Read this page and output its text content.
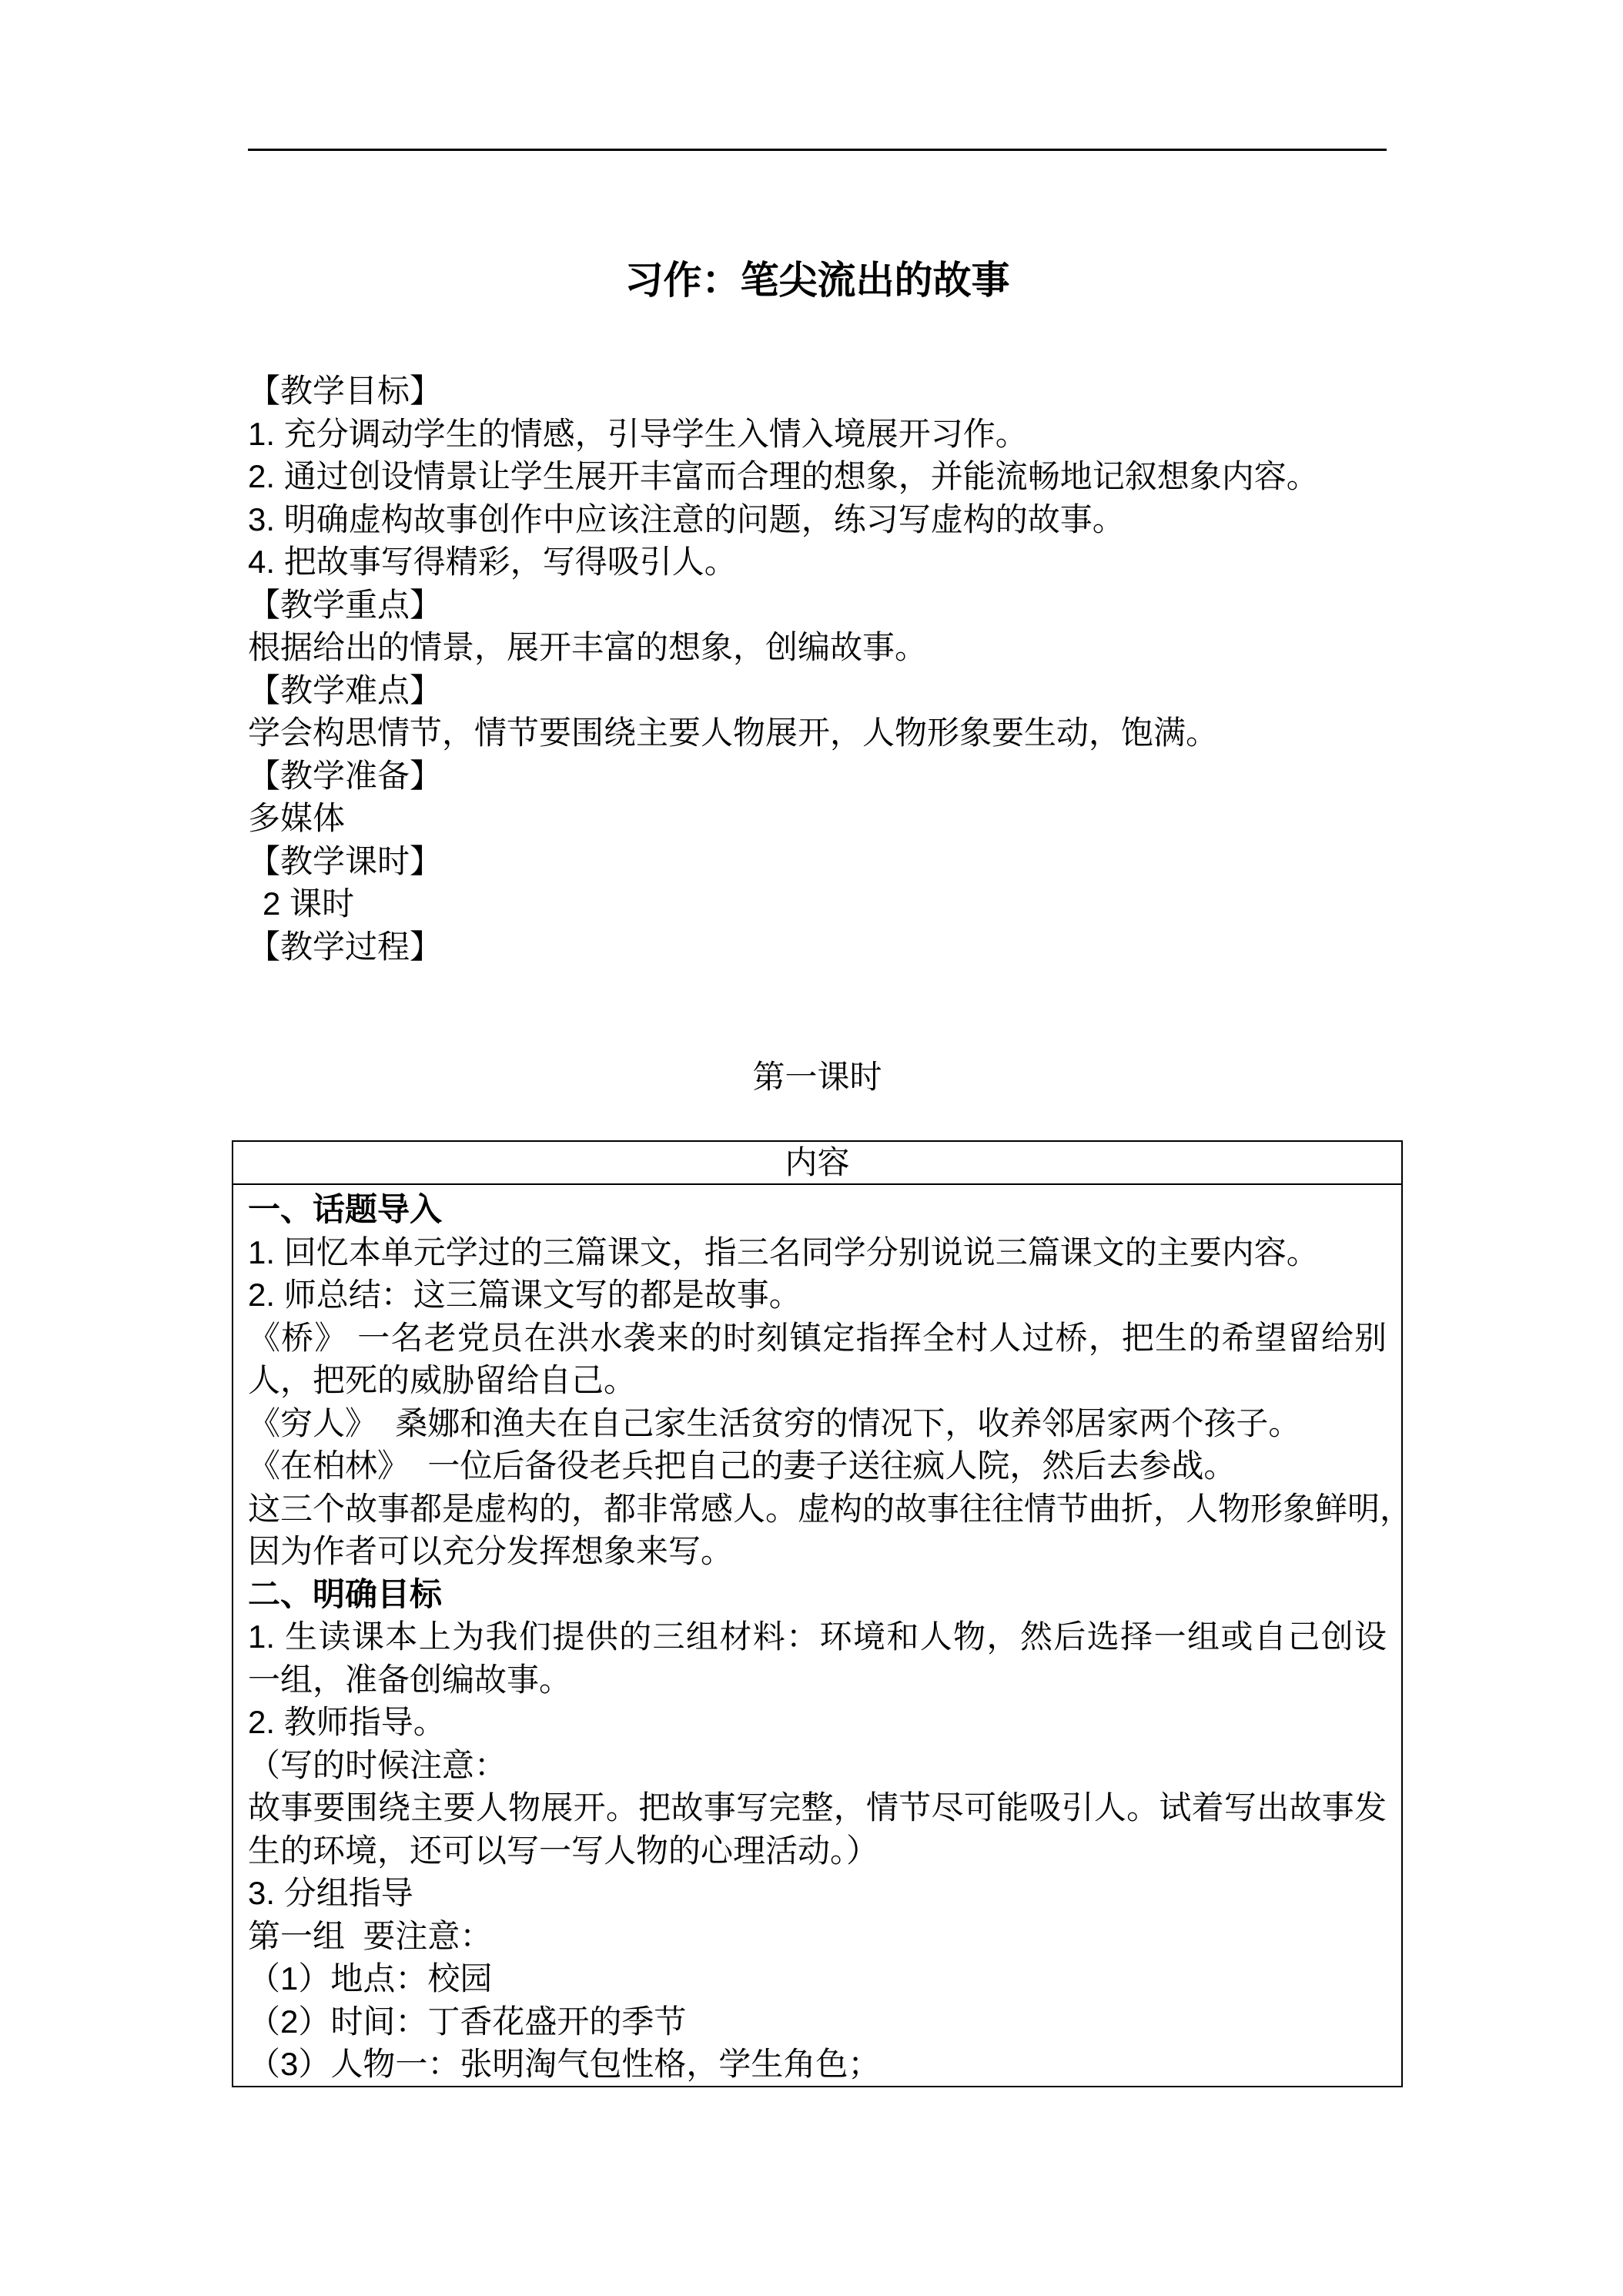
习作：笔尖流出的故事
【教学目标】
1. 充分调动学生的情感，引导学生入情入境展开习作。
2. 通过创设情景让学生展开丰富而合理的想象，并能流畅地记叙想象内容。
3. 明确虚构故事创作中应该注意的问题，练习写虚构的故事。
4. 把故事写得精彩，写得吸引人。
【教学重点】
根据给出的情景，展开丰富的想象，创编故事。
【教学难点】
学会构思情节，情节要围绕主要人物展开，人物形象要生动，饱满。
【教学准备】
多媒体
【教学课时】
2 课时
【教学过程】
第一课时
内容
一、话题导入
1. 回忆本单元学过的三篇课文，指三名同学分别说说三篇课文的主要内容。
2. 师总结：这三篇课文写的都是故事。
《桥》 一名老党员在洪水袭来的时刻镇定指挥全村人过桥，把生的希望留给别
人，把死的威胁留给自己。
《穷人》  桑娜和渔夫在自己家生活贫穷的情况下，收养邻居家两个孩子。
《在柏林》  一位后备役老兵把自己的妻子送往疯人院，然后去参战。
这三个故事都是虚构的，都非常感人。虚构的故事往往情节曲折，人物形象鲜明，
因为作者可以充分发挥想象来写。
二、明确目标
1. 生读课本上为我们提供的三组材料：环境和人物，然后选择一组或自己创设
一组，准备创编故事。
2. 教师指导。
（写的时候注意：
故事要围绕主要人物展开。把故事写完整，情节尽可能吸引人。试着写出故事发
生的环境，还可以写一写人物的心理活动。）
3. 分组指导
第一组  要注意：
（1）地点：校园
（2）时间：丁香花盛开的季节
（3）人物一：张明淘气包性格，学生角色；
